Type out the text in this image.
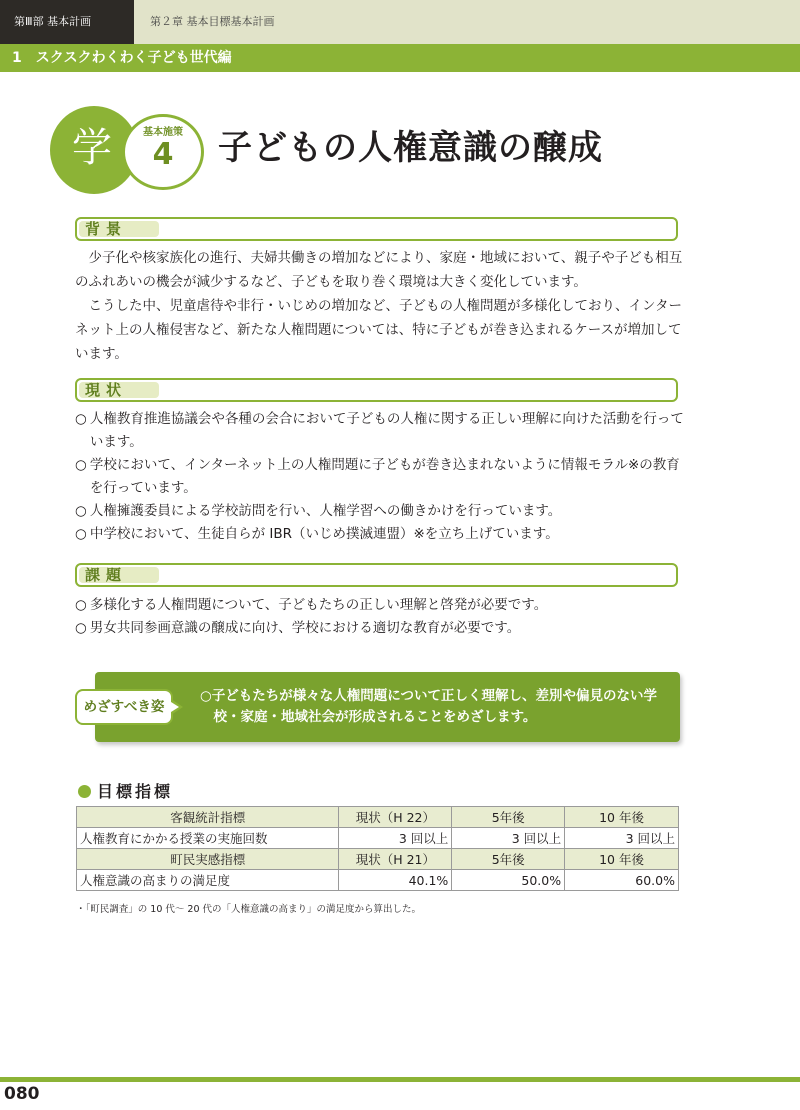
第Ⅲ部 基本計画	第２章 基本目標基本計画
1　スクスクわくわく子ども世代編
学	基本施策
4	子どもの人権意識の醸成
背景

少子化や核家族化の進行、夫婦共働きの増加などにより、家庭・地域において、親子や子ども相互のふれあいの機会が減少するなど、子どもを取り巻く環境は大きく変化しています。

こうした中、児童虐待や非行・いじめの増加など、子どもの人権問題が多様化しており、インターネット上の人権侵害など、新たな人権問題については、特に子どもが巻き込まれるケースが増加しています。

現状
○ 人権教育推進協議会や各種の会合において子どもの人権に関する正しい理解に向けた活動を行っています。
○ 学校において、インターネット上の人権問題に子どもが巻き込まれないように情報モラル※の教育を行っています。
○ 人権擁護委員による学校訪問を行い、人権学習への働きかけを行っています。
○ 中学校において、生徒自らが IBR（いじめ撲滅連盟）※を立ち上げています。
課題
○ 多様化する人権問題について、子どもたちの正しい理解と啓発が必要です。
○ 男女共同参画意識の醸成に向け、学校における適切な教育が必要です。
めざすべき姿
○子どもたちが様々な人権問題について正しく理解し、差別や偏見のない学
校・家庭・地域社会が形成されることをめざします。
目標指標
客観統計指標	現状（H 22）	5年後	10 年後
人権教育にかかる授業の実施回数	3 回以上	3 回以上	3 回以上
町民実感指標	現状（H 21）	5年後	10 年後
人権意識の高まりの満足度	40.1%	50.0%	60.0%
・「町民調査」の 10 代～ 20 代の「人権意識の高まり」の満足度から算出した。
080
